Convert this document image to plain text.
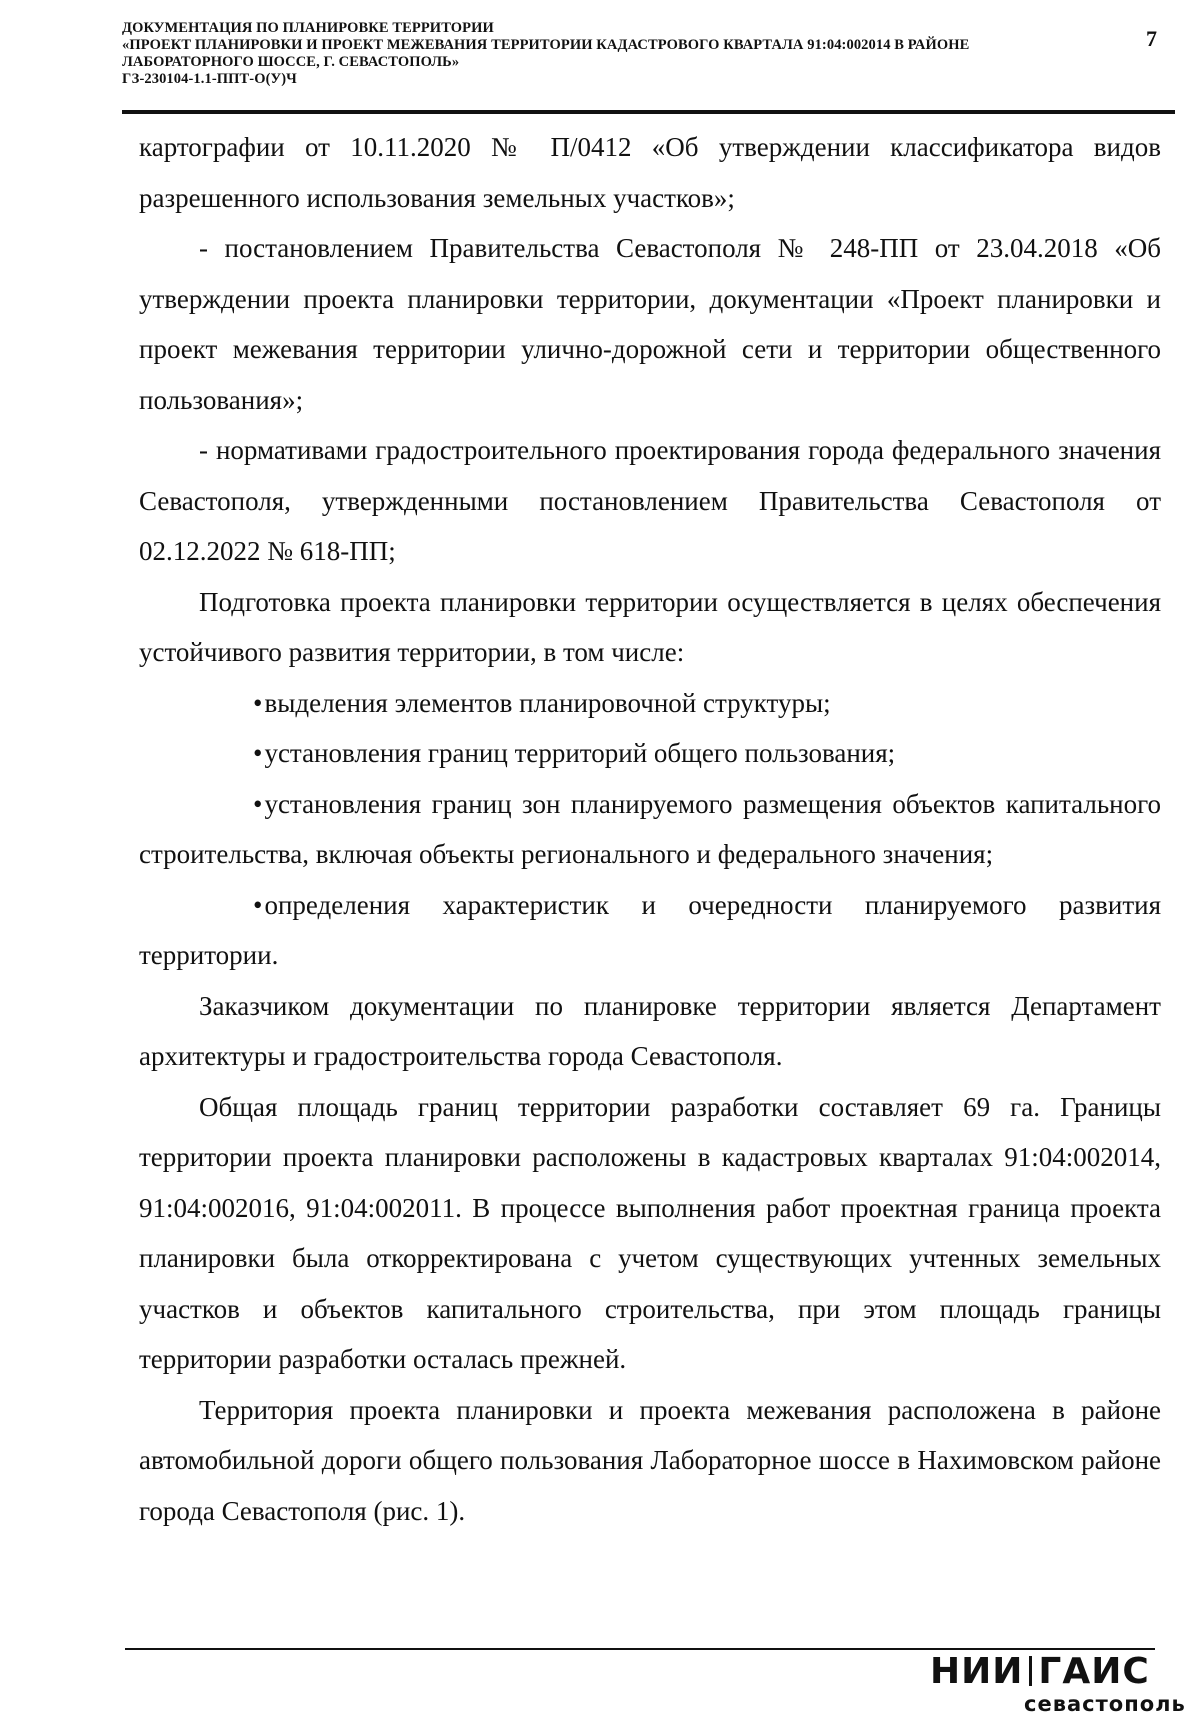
ДОКУМЕНТАЦИЯ ПО ПЛАНИРОВКЕ ТЕРРИТОРИИ
«ПРОЕКТ ПЛАНИРОВКИ И ПРОЕКТ МЕЖЕВАНИЯ ТЕРРИТОРИИ КАДАСТРОВОГО КВАРТАЛА 91:04:002014 В РАЙОНЕ
ЛАБОРАТОРНОГО ШОССЕ, Г. СЕВАСТОПОЛЬ»
ГЗ-230104-1.1-ППТ-О(У)Ч
7

картографии от 10.11.2020 № П/0412 «Об утверждении классификатора видов разрешенного использования земельных участков»;

- постановлением Правительства Севастополя № 248-ПП от 23.04.2018 «Об утверждении проекта планировки территории, документации «Проект планировки и проект межевания территории улично-дорожной сети и территории общественного пользования»;

- нормативами градостроительного проектирования города федерального значения Севастополя, утвержденными постановлением Правительства Севастополя от 02.12.2022 № 618-ПП;

Подготовка проекта планировки территории осуществляется в целях обеспечения устойчивого развития территории, в том числе:

•выделения элементов планировочной структуры;

•установления границ территорий общего пользования;

•установления границ зон планируемого размещения объектов капитального строительства, включая объекты регионального и федерального значения;

•определения характеристик и очередности планируемого развития территории.

Заказчиком документации по планировке территории является Департамент архитектуры и градостроительства города Севастополя.

Общая площадь границ территории разработки составляет 69 га. Границы территории проекта планировки расположены в кадастровых кварталах 91:04:002014, 91:04:002016, 91:04:002011. В процессе выполнения работ проектная граница проекта планировки была откорректирована с учетом существующих учтенных земельных участков и объектов капитального строительства, при этом площадь границы территории разработки осталась прежней.

Территория проекта планировки и проекта межевания расположена в районе автомобильной дороги общего пользования Лабораторное шоссе в Нахимовском районе города Севастополя (рис. 1).

НИИ ГАИС
севастополь
